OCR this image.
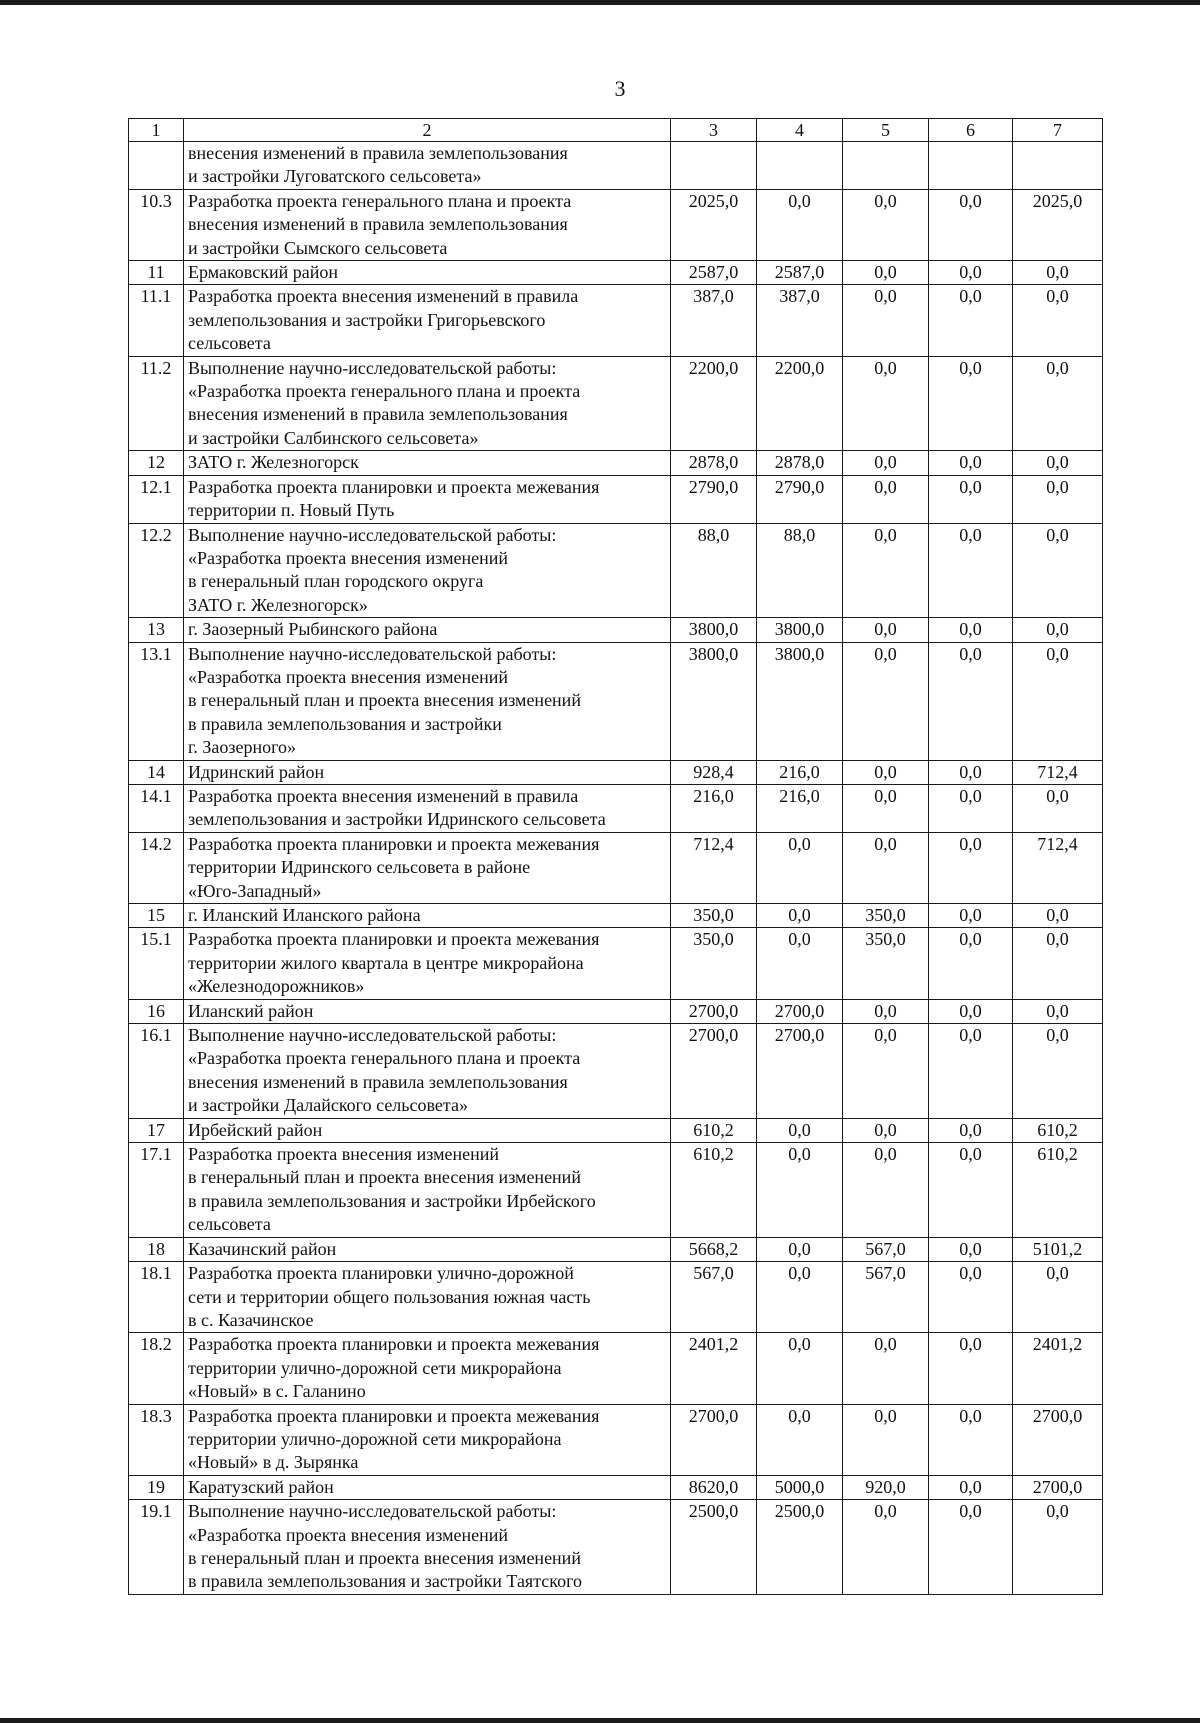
3
1	2	3	4	5	6	7
	внесения изменений в правила землепользования
и застройки Луговатского сельсовета»					
10.3	Разработка проекта генерального плана и проекта
внесения изменений в правила землепользования
и застройки Сымского сельсовета	2025,0	0,0	0,0	0,0	2025,0
11	Ермаковский район	2587,0	2587,0	0,0	0,0	0,0
11.1	Разработка проекта внесения изменений в правила
землепользования и застройки Григорьевского
сельсовета	387,0	387,0	0,0	0,0	0,0
11.2	Выполнение научно-исследовательской работы:
«Разработка проекта генерального плана и проекта
внесения изменений в правила землепользования
и застройки Салбинского сельсовета»	2200,0	2200,0	0,0	0,0	0,0
12	ЗАТО г. Железногорск	2878,0	2878,0	0,0	0,0	0,0
12.1	Разработка проекта планировки и проекта межевания
территории п. Новый Путь	2790,0	2790,0	0,0	0,0	0,0
12.2	Выполнение научно-исследовательской работы:
«Разработка проекта внесения изменений
в генеральный план городского округа
ЗАТО г. Железногорск»	88,0	88,0	0,0	0,0	0,0
13	г. Заозерный Рыбинского района	3800,0	3800,0	0,0	0,0	0,0
13.1	Выполнение научно-исследовательской работы:
«Разработка проекта внесения изменений
в генеральный план и проекта внесения изменений
в правила землепользования и застройки
г. Заозерного»	3800,0	3800,0	0,0	0,0	0,0
14	Идринский район	928,4	216,0	0,0	0,0	712,4
14.1	Разработка проекта внесения изменений в правила
землепользования и застройки Идринского сельсовета	216,0	216,0	0,0	0,0	0,0
14.2	Разработка проекта планировки и проекта межевания
территории Идринского сельсовета в районе
«Юго-Западный»	712,4	0,0	0,0	0,0	712,4
15	г. Иланский Иланского района	350,0	0,0	350,0	0,0	0,0
15.1	Разработка проекта планировки и проекта межевания
территории жилого квартала в центре микрорайона
«Железнодорожников»	350,0	0,0	350,0	0,0	0,0
16	Иланский район	2700,0	2700,0	0,0	0,0	0,0
16.1	Выполнение научно-исследовательской работы:
«Разработка проекта генерального плана и проекта
внесения изменений в правила землепользования
и застройки Далайского сельсовета»	2700,0	2700,0	0,0	0,0	0,0
17	Ирбейский район	610,2	0,0	0,0	0,0	610,2
17.1	Разработка проекта внесения изменений
в генеральный план и проекта внесения изменений
в правила землепользования и застройки Ирбейского
сельсовета	610,2	0,0	0,0	0,0	610,2
18	Казачинский район	5668,2	0,0	567,0	0,0	5101,2
18.1	Разработка проекта планировки улично-дорожной
сети и территории общего пользования южная часть
в с. Казачинское	567,0	0,0	567,0	0,0	0,0
18.2	Разработка проекта планировки и проекта межевания
территории улично-дорожной сети микрорайона
«Новый» в с. Галанино	2401,2	0,0	0,0	0,0	2401,2
18.3	Разработка проекта планировки и проекта межевания
территории улично-дорожной сети микрорайона
«Новый» в д. Зырянка	2700,0	0,0	0,0	0,0	2700,0
19	Каратузский район	8620,0	5000,0	920,0	0,0	2700,0
19.1	Выполнение научно-исследовательской работы:
«Разработка проекта внесения изменений
в генеральный план и проекта внесения изменений
в правила землепользования и застройки Таятского	2500,0	2500,0	0,0	0,0	0,0
